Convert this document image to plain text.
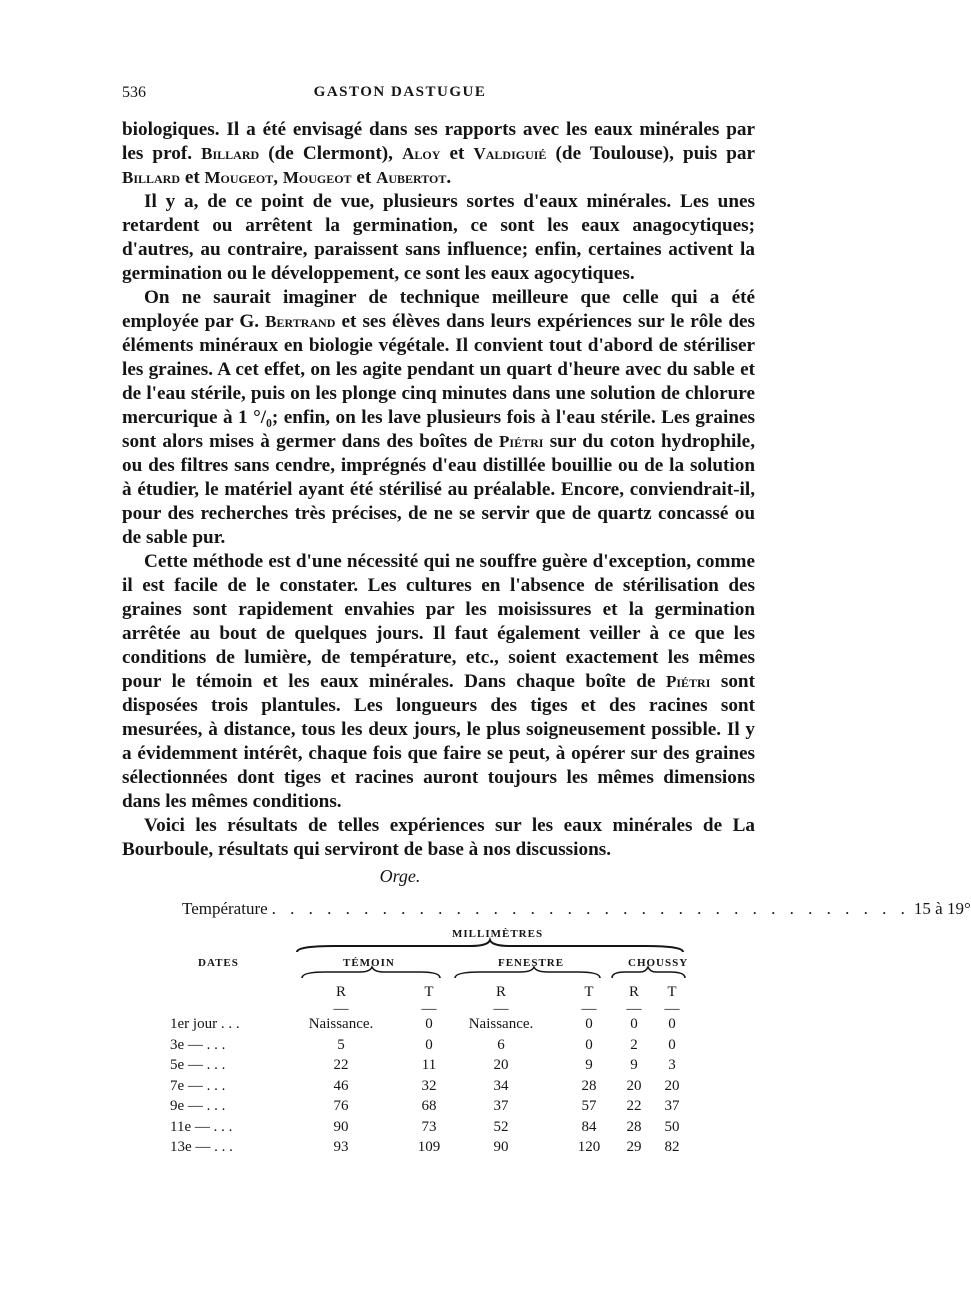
536	GASTON DASTUGUE

biologiques. Il a été envisagé dans ses rapports avec les eaux minérales par les prof. Billard (de Clermont), Aloy et Valdiguié (de Toulouse), puis par Billard et Mougeot, Mougeot et Aubertot.

Il y a, de ce point de vue, plusieurs sortes d'eaux minérales. Les unes retardent ou arrêtent la germination, ce sont les eaux anagocytiques; d'autres, au contraire, paraissent sans influence; enfin, certaines activent la germination ou le développement, ce sont les eaux agocytiques.

On ne saurait imaginer de technique meilleure que celle qui a été employée par G. Bertrand et ses élèves dans leurs expériences sur le rôle des éléments minéraux en biologie végétale. Il convient tout d'abord de stériliser les graines. A cet effet, on les agite pendant un quart d'heure avec du sable et de l'eau stérile, puis on les plonge cinq minutes dans une solution de chlorure mercurique à 1 °/₀; enfin, on les lave plusieurs fois à l'eau stérile. Les graines sont alors mises à germer dans des boîtes de Piétri sur du coton hydrophile, ou des filtres sans cendre, imprégnés d'eau distillée bouillie ou de la solution à étudier, le matériel ayant été stérilisé au préalable. Encore, conviendrait-il, pour des recherches très précises, de ne se servir que de quartz concassé ou de sable pur.

Cette méthode est d'une nécessité qui ne souffre guère d'exception, comme il est facile de le constater. Les cultures en l'absence de stérilisation des graines sont rapidement envahies par les moisissures et la germination arrêtée au bout de quelques jours. Il faut également veiller à ce que les conditions de lumière, de température, etc., soient exactement les mêmes pour le témoin et les eaux minérales. Dans chaque boîte de Piétri sont disposées trois plantules. Les longueurs des tiges et des racines sont mesurées, à distance, tous les deux jours, le plus soigneusement possible. Il y a évidemment intérêt, chaque fois que faire se peut, à opérer sur des graines sélectionnées dont tiges et racines auront toujours les mêmes dimensions dans les mêmes conditions.

Voici les résultats de telles expériences sur les eaux minérales de La Bourboule, résultats qui serviront de base à nos discussions.

Orge.
Température . . . . . . . . . . . . . . . . . . . . . . . . . . . . . . . . . . . 15 à 19°
MILLIMÈTRES
DATES	TÉMOIN	FENESTRE	CHOUSSY
R	T	R	T	R	T
—	—	—	— — —
1er jour . . .	Naissance.	0	Naissance.	0	0	0
3e — . . .	5	0	6	0	2	0
5e — . . .	22	11	20	9	9	3
7e — . . .	46	32	34	28	20	20
9e — . . .	76	68	37	57	22	37
11e — . . .	90	73	52	84	28	50
13e — . . .	93	109	90	120	29	82
